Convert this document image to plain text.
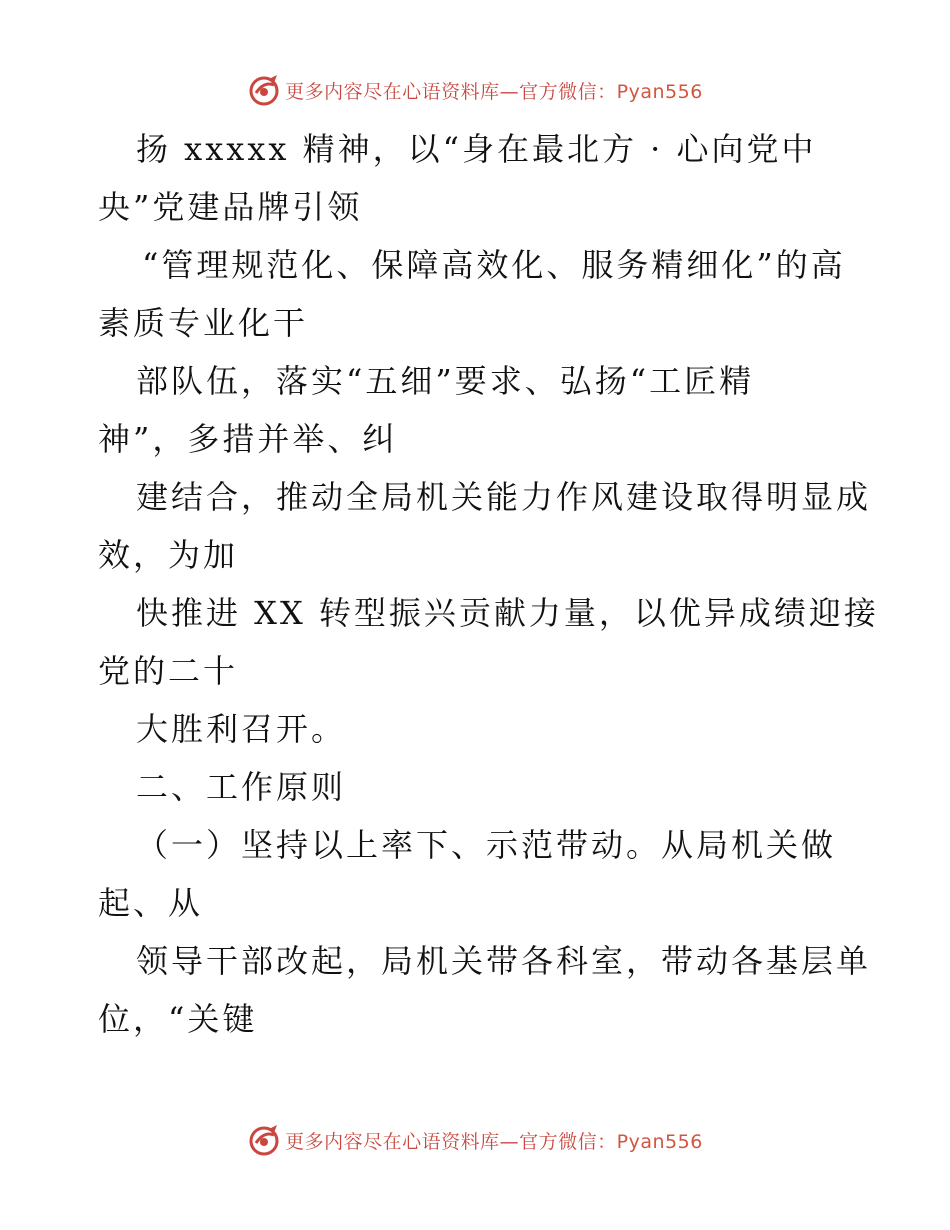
更多内容尽在心语资料库—官方微信：Pyan556
扬 xxxxx 精神，以“身在最北方 · 心向党中
央”党建品牌引领
“管理规范化、保障高效化、服务精细化”的高
素质专业化干
部队伍，落实“五细”要求、弘扬“工匠精
神”，多措并举、纠
建结合，推动全局机关能力作风建设取得明显成
效，为加
快推进 XX 转型振兴贡献力量，以优异成绩迎接
党的二十
大胜利召开。
二、工作原则
（一）坚持以上率下、示范带动。从局机关做
起、从
领导干部改起，局机关带各科室，带动各基层单
位，“关键
更多内容尽在心语资料库—官方微信：Pyan556
